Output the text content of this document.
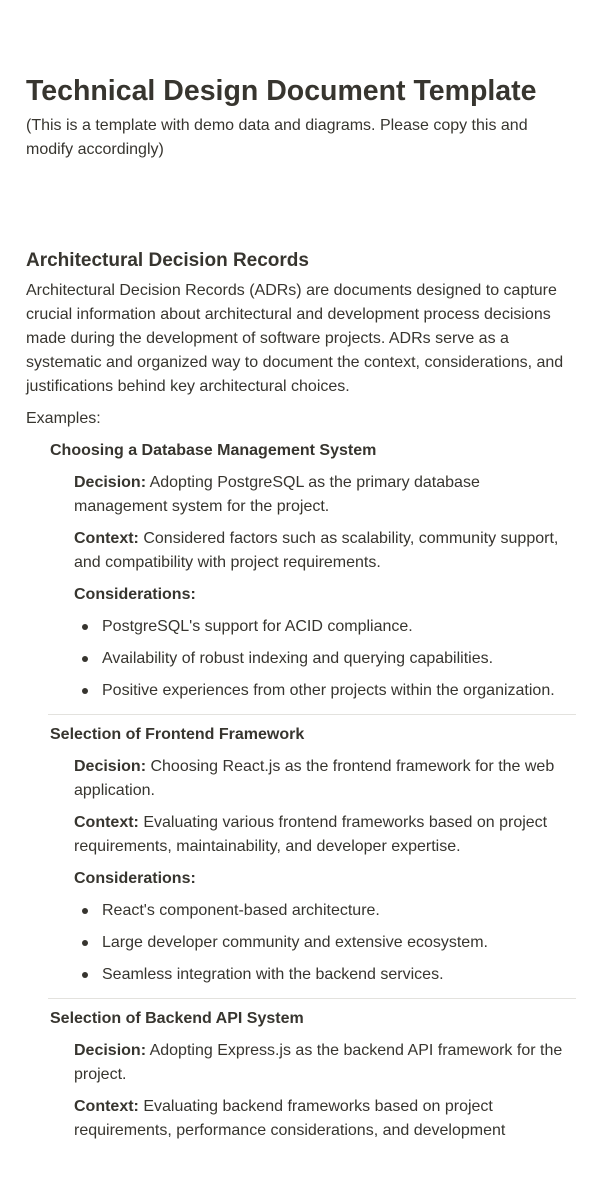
Technical Design Document Template

(This is a template with demo data and diagrams. Please copy this and modify accordingly)

Architectural Decision Records

Architectural Decision Records (ADRs) are documents designed to capture crucial information about architectural and development process decisions made during the development of software projects. ADRs serve as a systematic and organized way to document the context, considerations, and justifications behind key architectural choices.

Examples:

Choosing a Database Management System

Decision: Adopting PostgreSQL as the primary database management system for the project.

Context: Considered factors such as scalability, community support, and compatibility with project requirements.

Considerations:

PostgreSQL's support for ACID compliance.
Availability of robust indexing and querying capabilities.
Positive experiences from other projects within the organization.
Selection of Frontend Framework

Decision: Choosing React.js as the frontend framework for the web application.

Context: Evaluating various frontend frameworks based on project requirements, maintainability, and developer expertise.

Considerations:

React's component-based architecture.
Large developer community and extensive ecosystem.
Seamless integration with the backend services.
Selection of Backend API System

Decision: Adopting Express.js as the backend API framework for the project.

Context: Evaluating backend frameworks based on project requirements, performance considerations, and development
